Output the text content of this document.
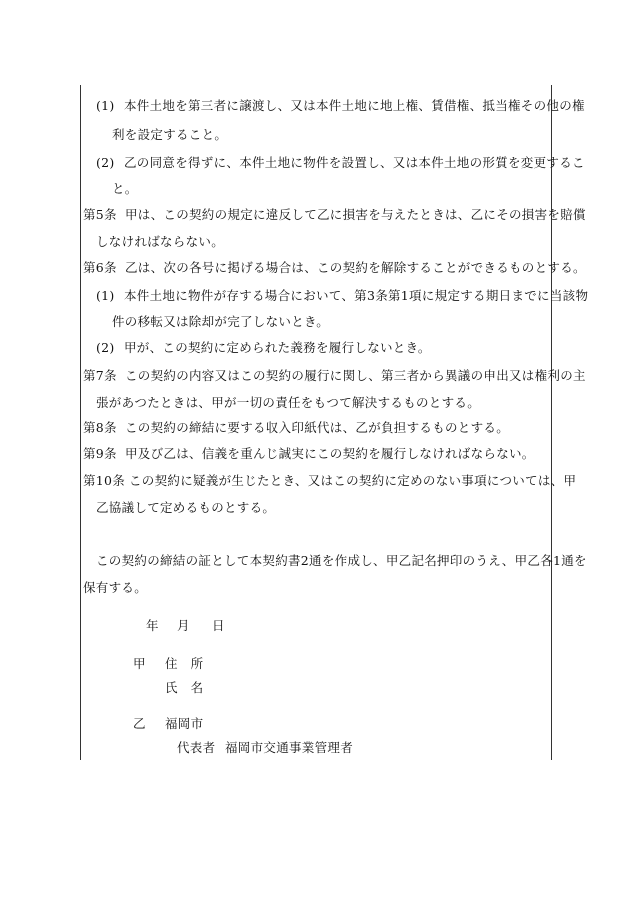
(1) 本件土地を第三者に譲渡し、又は本件土地に地上権、賃借権、抵当権その他の権
利を設定すること。
(2) 乙の同意を得ずに、本件土地に物件を設置し、又は本件土地の形質を変更するこ
と。
第5条 甲は、この契約の規定に違反して乙に損害を与えたときは、乙にその損害を賠償
しなければならない。
第6条 乙は、次の各号に掲げる場合は、この契約を解除することができるものとする。
(1) 本件土地に物件が存する場合において、第3条第1項に規定する期日までに当該物
件の移転又は除却が完了しないとき。
(2) 甲が、この契約に定められた義務を履行しないとき。
第7条 この契約の内容又はこの契約の履行に関し、第三者から異議の申出又は権利の主
張があつたときは、甲が一切の責任をもつて解決するものとする。
第8条 この契約の締結に要する収入印紙代は、乙が負担するものとする。
第9条 甲及び乙は、信義を重んじ誠実にこの契約を履行しなければならない。
第10条 この契約に疑義が生じたとき、又はこの契約に定めのない事項については、甲
乙協議して定めるものとする。
この契約の締結の証として本契約書2通を作成し、甲乙記名押印のうえ、甲乙各1通を
保有する。
年 月 日
甲 住　所
氏　名
乙 福岡市
代表者 福岡市交通事業管理者
